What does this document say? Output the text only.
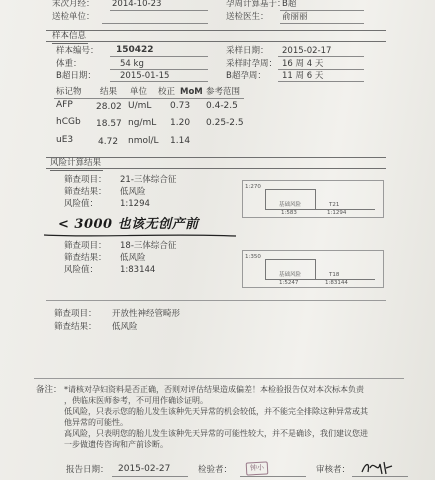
末次月经： 2014-10-23	孕周计算基于：
B超
送检单位：	送检医生： 俞丽丽
样本信息
样本编号： 150422	采样日期： 2015-02-17
体重：	54 kg	采样时孕周： 16 周 4 天
B超日期：	2015-01-15	B超孕周： 11 周 6 天
标记物 结果 单位 校正 MoM 参考范围
AFP	28.02 U/mL 0.73 0.4-2.5
hCGb 18.57 ng/mL 1.20 0.25-2.5
uE3	4.72 nmol/L 1.14
风险计算结果
筛查项目： 21-三体综合征
筛查结果： 低风险
风险值：	1:1294
1:270
基础风险	T21
1:583	1:1294
< 3000 也该无创产前
筛查项目： 18-三体综合征
筛查结果： 低风险
风险值：	1:83144
1:350
基础风险	T18
1:5247	1:83144
筛查项目： 开放性神经管畸形
筛查结果： 低风险
备注： *请核对孕妇资料是否正确，否则对评估结果造成偏差！本检验报告仅对本次标本负责
，供临床医师参考，不可用作确诊证明。
低风险，只表示您的胎儿发生该种先天异常的机会较低，并不能完全排除这种异常或其
他异常的可能性。
高风险，只表明您的胎儿发生该种先天异常的可能性较大，并不是确诊，我们建议您进
一步做遗传咨询和产前诊断。
报告日期： 2015-02-27	检验者：	钟小	审核者：
